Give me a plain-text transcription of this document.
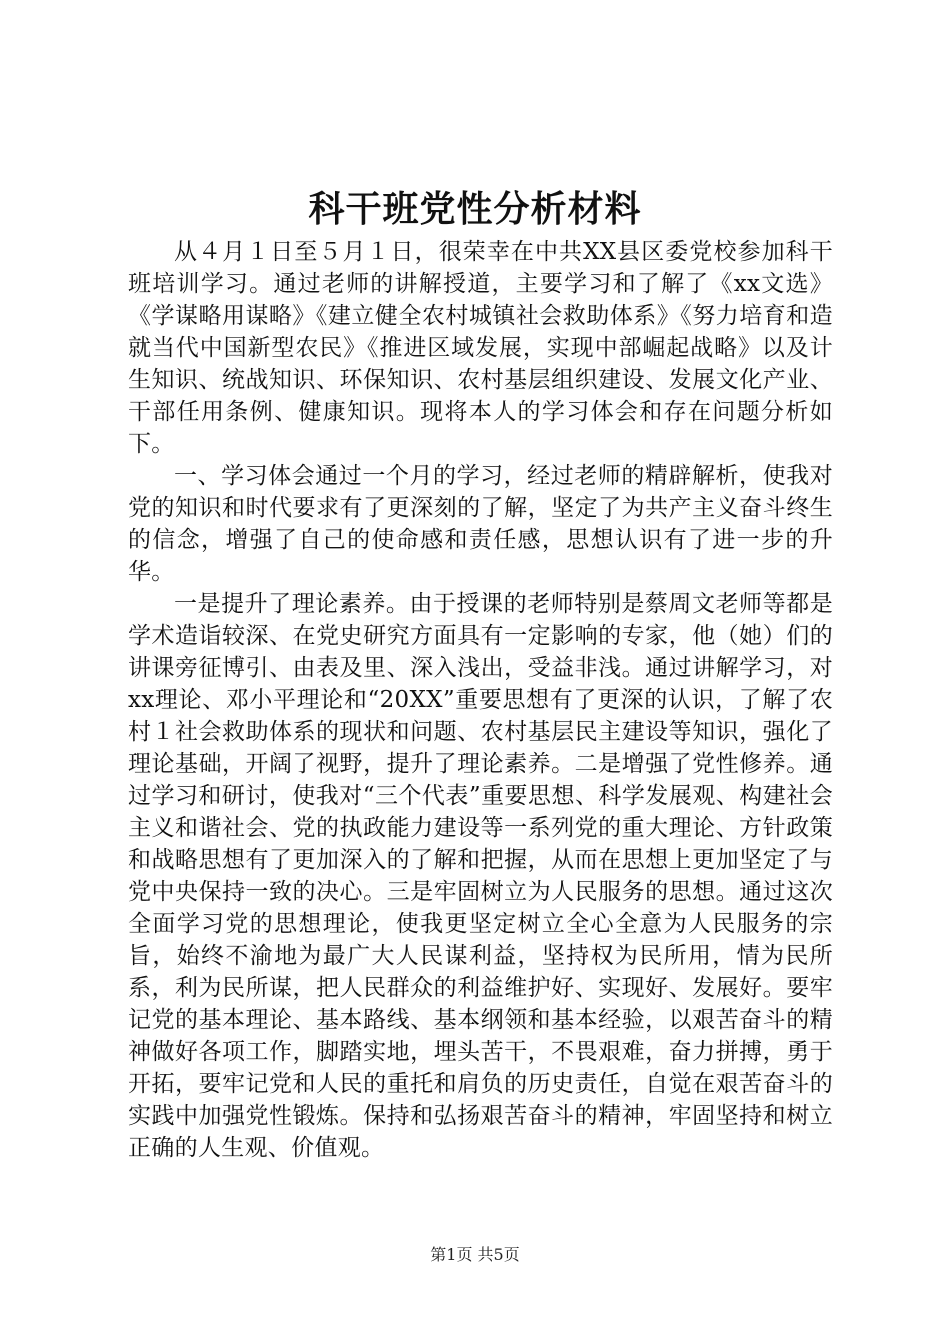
科干班党性分析材料

从４月１日至５月１日，很荣幸在中共XX县区委党校参加科干班培训学习。通过老师的讲解授道，主要学习和了解了《xx文选》《学谋略用谋略》《建立健全农村城镇社会救助体系》《努力培育和造就当代中国新型农民》《推进区域发展，实现中部崛起战略》以及计生知识、统战知识、环保知识、农村基层组织建设、发展文化产业、干部任用条例、健康知识。现将本人的学习体会和存在问题分析如下。

一、学习体会通过一个月的学习，经过老师的精辟解析，使我对党的知识和时代要求有了更深刻的了解，坚定了为共产主义奋斗终生的信念，增强了自己的使命感和责任感，思想认识有了进一步的升华。

一是提升了理论素养。由于授课的老师特别是蔡周文老师等都是学术造诣较深、在党史研究方面具有一定影响的专家，他（她）们的讲课旁征博引、由表及里、深入浅出，受益非浅。通过讲解学习，对xx理论、邓小平理论和“20XX”重要思想有了更深的认识，了解了农村１社会救助体系的现状和问题、农村基层民主建设等知识，强化了理论基础，开阔了视野，提升了理论素养。二是增强了党性修养。通过学习和研讨，使我对“三个代表”重要思想、科学发展观、构建社会主义和谐社会、党的执政能力建设等一系列党的重大理论、方针政策和战略思想有了更加深入的了解和把握，从而在思想上更加坚定了与党中央保持一致的决心。三是牢固树立为人民服务的思想。通过这次全面学习党的思想理论，使我更坚定树立全心全意为人民服务的宗旨，始终不渝地为最广大人民谋利益，坚持权为民所用，情为民所系，利为民所谋，把人民群众的利益维护好、实现好、发展好。要牢记党的基本理论、基本路线、基本纲领和基本经验，以艰苦奋斗的精神做好各项工作，脚踏实地，埋头苦干，不畏艰难，奋力拼搏，勇于开拓，要牢记党和人民的重托和肩负的历史责任，自觉在艰苦奋斗的实践中加强党性锻炼。保持和弘扬艰苦奋斗的精神，牢固坚持和树立正确的人生观、价值观。

第1页 共5页
